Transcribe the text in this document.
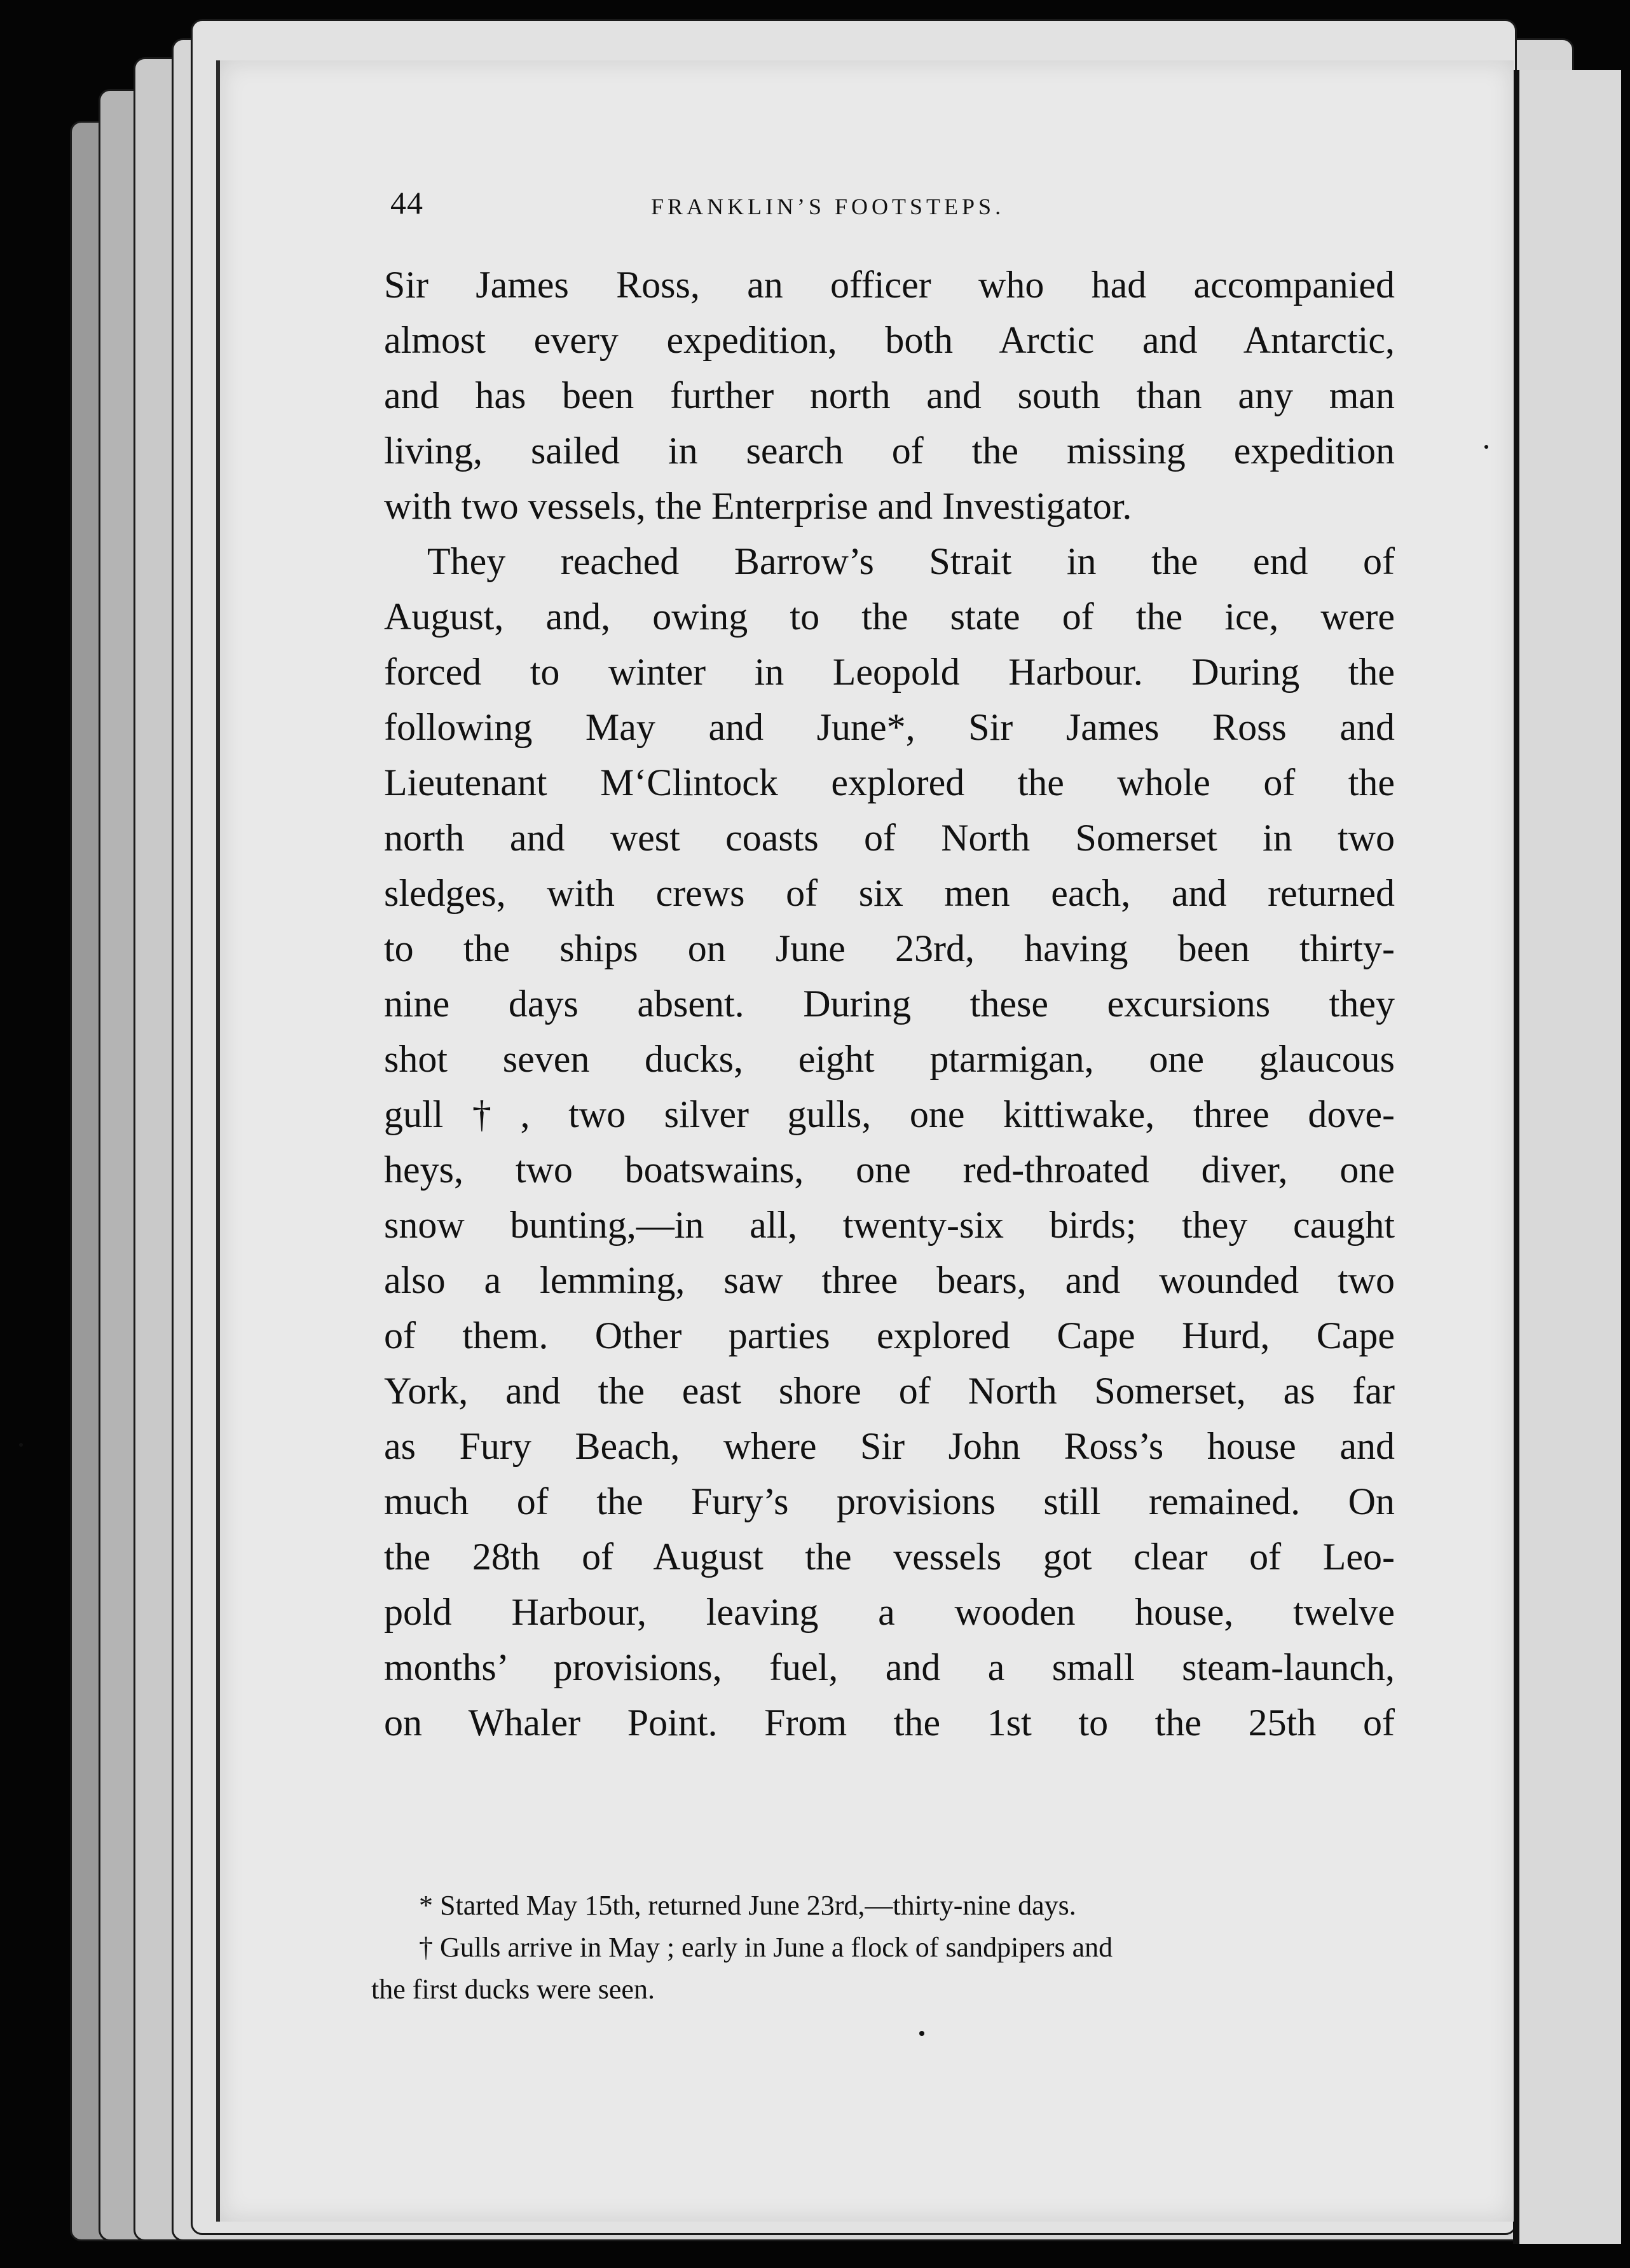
44	FRANKLIN’S FOOTSTEPS.
Sir James Ross, an officer who had accompanied
almost every expedition, both Arctic and Antarctic,
and has been further north and south than any man
living, sailed in search of the missing expedition
with two vessels, the Enterprise and Investigator.
They reached Barrow’s Strait in the end of
August, and, owing to the state of the ice, were
forced to winter in Leopold Harbour. During the
following May and June*, Sir James Ross and
Lieutenant M‘Clintock explored the whole of the
north and west coasts of North Somerset in two
sledges, with crews of six men each, and returned
to the ships on June 23rd, having been thirty-
nine days absent. During these excursions they
shot seven ducks, eight ptarmigan, one glaucous
gull†, two silver gulls, one kittiwake, three dove-
heys, two boatswains, one red-throated diver, one
snow bunting,—in all, twenty-six birds; they caught
also a lemming, saw three bears, and wounded two
of them. Other parties explored Cape Hurd, Cape
York, and the east shore of North Somerset, as far
as Fury Beach, where Sir John Ross’s house and
much of the Fury’s provisions still remained. On
the 28th of August the vessels got clear of Leo-
pold Harbour, leaving a wooden house, twelve
months’ provisions, fuel, and a small steam-launch,
on Whaler Point. From the 1st to the 25th of
* Started May 15th, returned June 23rd,—thirty-nine days.
† Gulls arrive in May ; early in June a flock of sandpipers and
the first ducks were seen.
